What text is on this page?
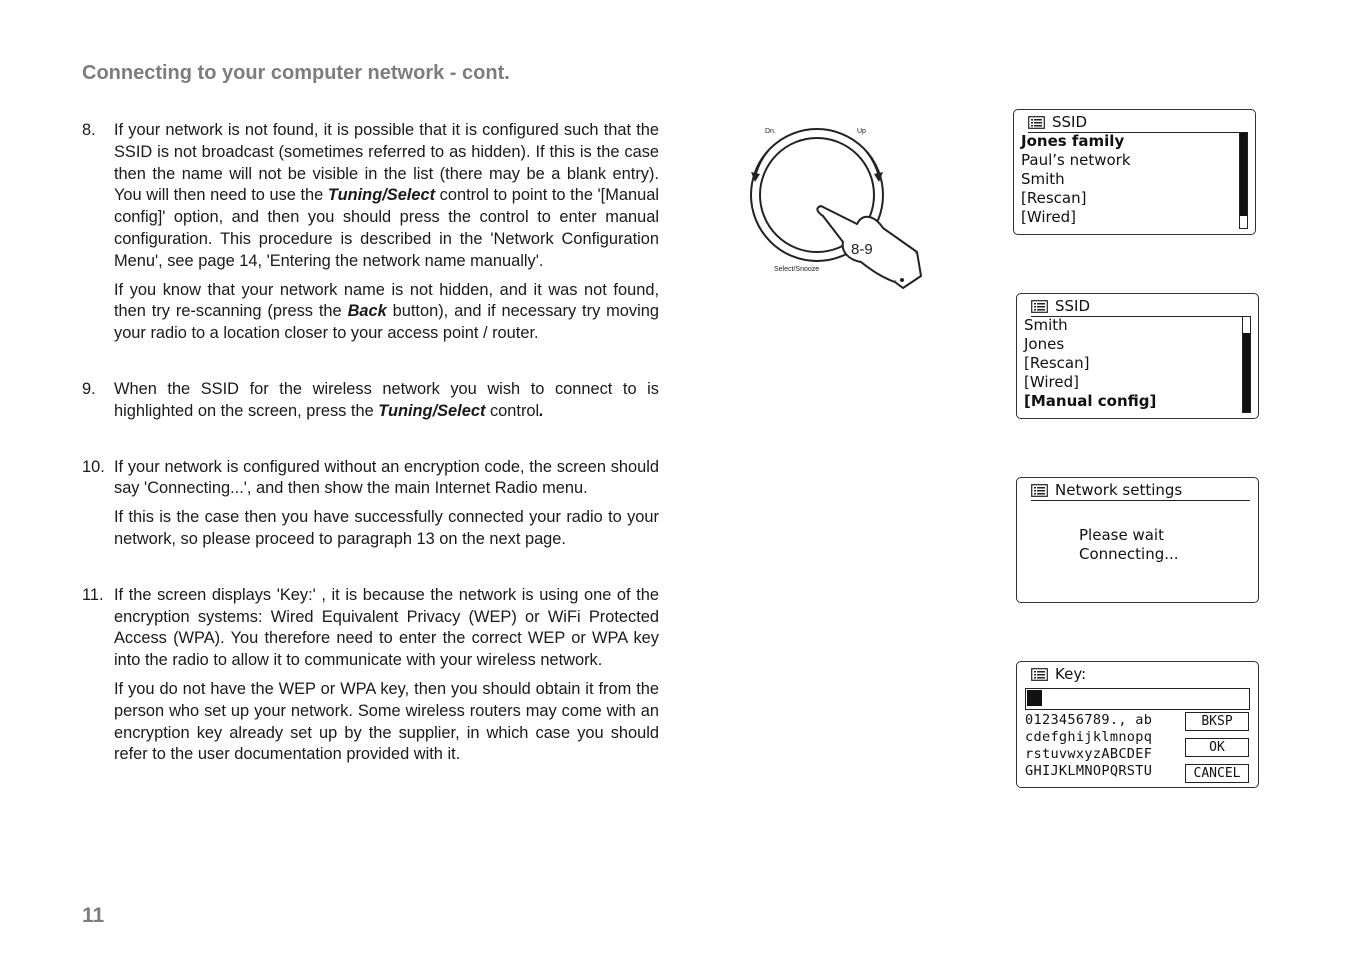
Connecting to your computer network - cont.
8. If your network is not found, it is possible that it is configured such that the SSID is not broadcast (sometimes referred to as hidden). If this is the case then the name will not be visible in the list (there may be a blank entry). You will then need to use the Tuning/Select control to point to the '[Manual config]' option, and then you should press the control to enter manual configuration. This procedure is described in the 'Network Configuration Menu', see page 14, 'Entering the network name manually'.

If you know that your network name is not hidden, and it was not found, then try re-scanning (press the Back button), and if necessary try moving your radio to a location closer to your access point / router.

9. When the SSID for the wireless network you wish to connect to is highlighted on the screen, press the Tuning/Select control.

10. If your network is configured without an encryption code, the screen should say 'Connecting...', and then show the main Internet Radio menu.

If this is the case then you have successfully connected your radio to your network, so please proceed to paragraph 13 on the next page.

11. If the screen displays 'Key:' , it is because the network is using one of the encryption systems: Wired Equivalent Privacy (WEP) or WiFi Protected Access (WPA). You therefore need to enter the correct WEP or WPA key into the radio to allow it to communicate with your wireless network.

If you do not have the WEP or WPA key, then you should obtain it from the person who set up your network. Some wireless routers may come with an encryption key already set up by the supplier, in which case you should refer to the user documentation provided with it.

11
Dn.	Up
Select/Snooze
8-9
SSID
Jones family
Paul’s network
Smith
[Rescan]
[Wired]
SSID
Smith
Jones
[Rescan]
[Wired]
[Manual config]
Network settings
Please wait
Connecting...
Key:
0123456789., ab
cdefghijklmnopq
rstuvwxyzABCDEF
GHIJKLMNOPQRSTU
BKSP
OK
CANCEL
